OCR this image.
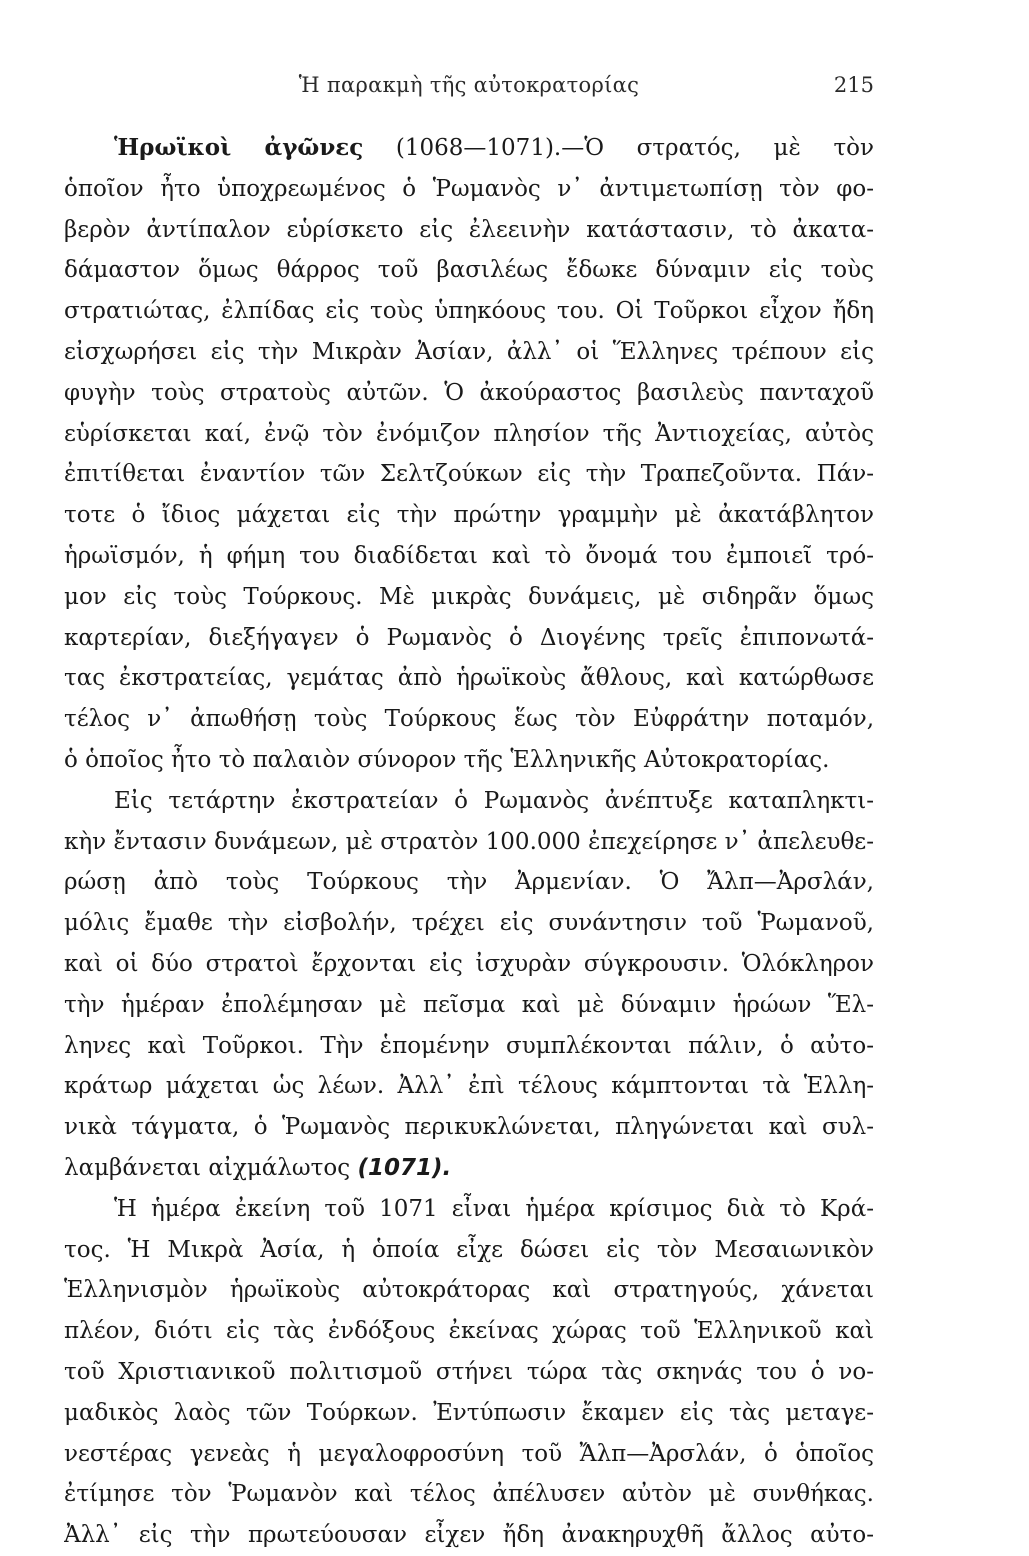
Ἡ παρακμὴ τῆς αὐτοκρατορίας	215
Ἡρωϊκοὶ ἀγῶνες (1068—1071).—Ὁ στρατός, μὲ τὸν
ὁποῖον ἦτο ὑποχρεωμένος ὁ Ῥωμανὸς ν᾽ ἀντιμετωπίσῃ τὸν φο-
βερὸν ἀντίπαλον εὑρίσκετο εἰς ἐλεεινὴν κατάστασιν, τὸ ἀκατα-
δάμαστον ὅμως θάρρος τοῦ βασιλέως ἔδωκε δύναμιν εἰς τοὺς
στρατιώτας, ἐλπίδας εἰς τοὺς ὑπηκόους του. Οἱ Τοῦρκοι εἶχον ἤδη
εἰσχωρήσει εἰς τὴν Μικρὰν Ἀσίαν, ἀλλ᾽ οἱ Ἕλληνες τρέπουν εἰς
φυγὴν τοὺς στρατοὺς αὐτῶν. Ὁ ἀκούραστος βασιλεὺς πανταχοῦ
εὑρίσκεται καί, ἐνῷ τὸν ἐνόμιζον πλησίον τῆς Ἀντιοχείας, αὐτὸς
ἐπιτίθεται ἐναντίον τῶν Σελτζούκων εἰς τὴν Τραπεζοῦντα. Πάν-
τοτε ὁ ἴδιος μάχεται εἰς τὴν πρώτην γραμμὴν μὲ ἀκατάβλητον
ἡρωϊσμόν, ἡ φήμη του διαδίδεται καὶ τὸ ὄνομά του ἐμποιεῖ τρό-
μον εἰς τοὺς Τούρκους. Μὲ μικρὰς δυνάμεις, μὲ σιδηρᾶν ὅμως
καρτερίαν, διεξήγαγεν ὁ Ρωμανὸς ὁ Διογένης τρεῖς ἐπιπονωτά-
τας ἐκστρατείας, γεμάτας ἀπὸ ἡρωϊκοὺς ἄθλους, καὶ κατώρθωσε
τέλος ν᾽ ἀπωθήσῃ τοὺς Τούρκους ἕως τὸν Εὐφράτην ποταμόν,
ὁ ὁποῖος ἦτο τὸ παλαιὸν σύνορον τῆς Ἑλληνικῆς Αὐτοκρατορίας.
Εἰς τετάρτην ἐκστρατείαν ὁ Ρωμανὸς ἀνέπτυξε καταπληκτι-
κὴν ἔντασιν δυνάμεων, μὲ στρατὸν 100.000 ἐπεχείρησε ν᾽ ἀπελευθε-
ρώσῃ ἀπὸ τοὺς Τούρκους τὴν Ἀρμενίαν. Ὁ Ἄλπ—Ἀρσλάν,
μόλις ἔμαθε τὴν εἰσβολήν, τρέχει εἰς συνάντησιν τοῦ Ῥωμανοῦ,
καὶ οἱ δύο στρατοὶ ἔρχονται εἰς ἰσχυρὰν σύγκρουσιν. Ὁλόκληρον
τὴν ἡμέραν ἐπολέμησαν μὲ πεῖσμα καὶ μὲ δύναμιν ἡρώων Ἕλ-
ληνες καὶ Τοῦρκοι. Τὴν ἑπομένην συμπλέκονται πάλιν, ὁ αὐτο-
κράτωρ μάχεται ὡς λέων. Ἀλλ᾽ ἐπὶ τέλους κάμπτονται τὰ Ἑλλη-
νικὰ τάγματα, ὁ Ῥωμανὸς περικυκλώνεται, πληγώνεται καὶ συλ-
λαμβάνεται αἰχμάλωτος (1071).
Ἡ ἡμέρα ἐκείνη τοῦ 1071 εἶναι ἡμέρα κρίσιμος διὰ τὸ Κρά-
τος. Ἡ Μικρὰ Ἀσία, ἡ ὁποία εἶχε δώσει εἰς τὸν Μεσαιωνικὸν
Ἑλληνισμὸν ἡρωϊκοὺς αὐτοκράτορας καὶ στρατηγούς, χάνεται
πλέον, διότι εἰς τὰς ἐνδόξους ἐκείνας χώρας τοῦ Ἑλληνικοῦ καὶ
τοῦ Χριστιανικοῦ πολιτισμοῦ στήνει τώρα τὰς σκηνάς του ὁ νο-
μαδικὸς λαὸς τῶν Τούρκων. Ἐντύπωσιν ἔκαμεν εἰς τὰς μεταγε-
νεστέρας γενεὰς ἡ μεγαλοφροσύνη τοῦ Ἄλπ—Ἀρσλάν, ὁ ὁποῖος
ἐτίμησε τὸν Ῥωμανὸν καὶ τέλος ἀπέλυσεν αὐτὸν μὲ συνθήκας.
Ἀλλ᾽ εἰς τὴν πρωτεύουσαν εἶχεν ἤδη ἀνακηρυχθῆ ἄλλος αὐτο-
